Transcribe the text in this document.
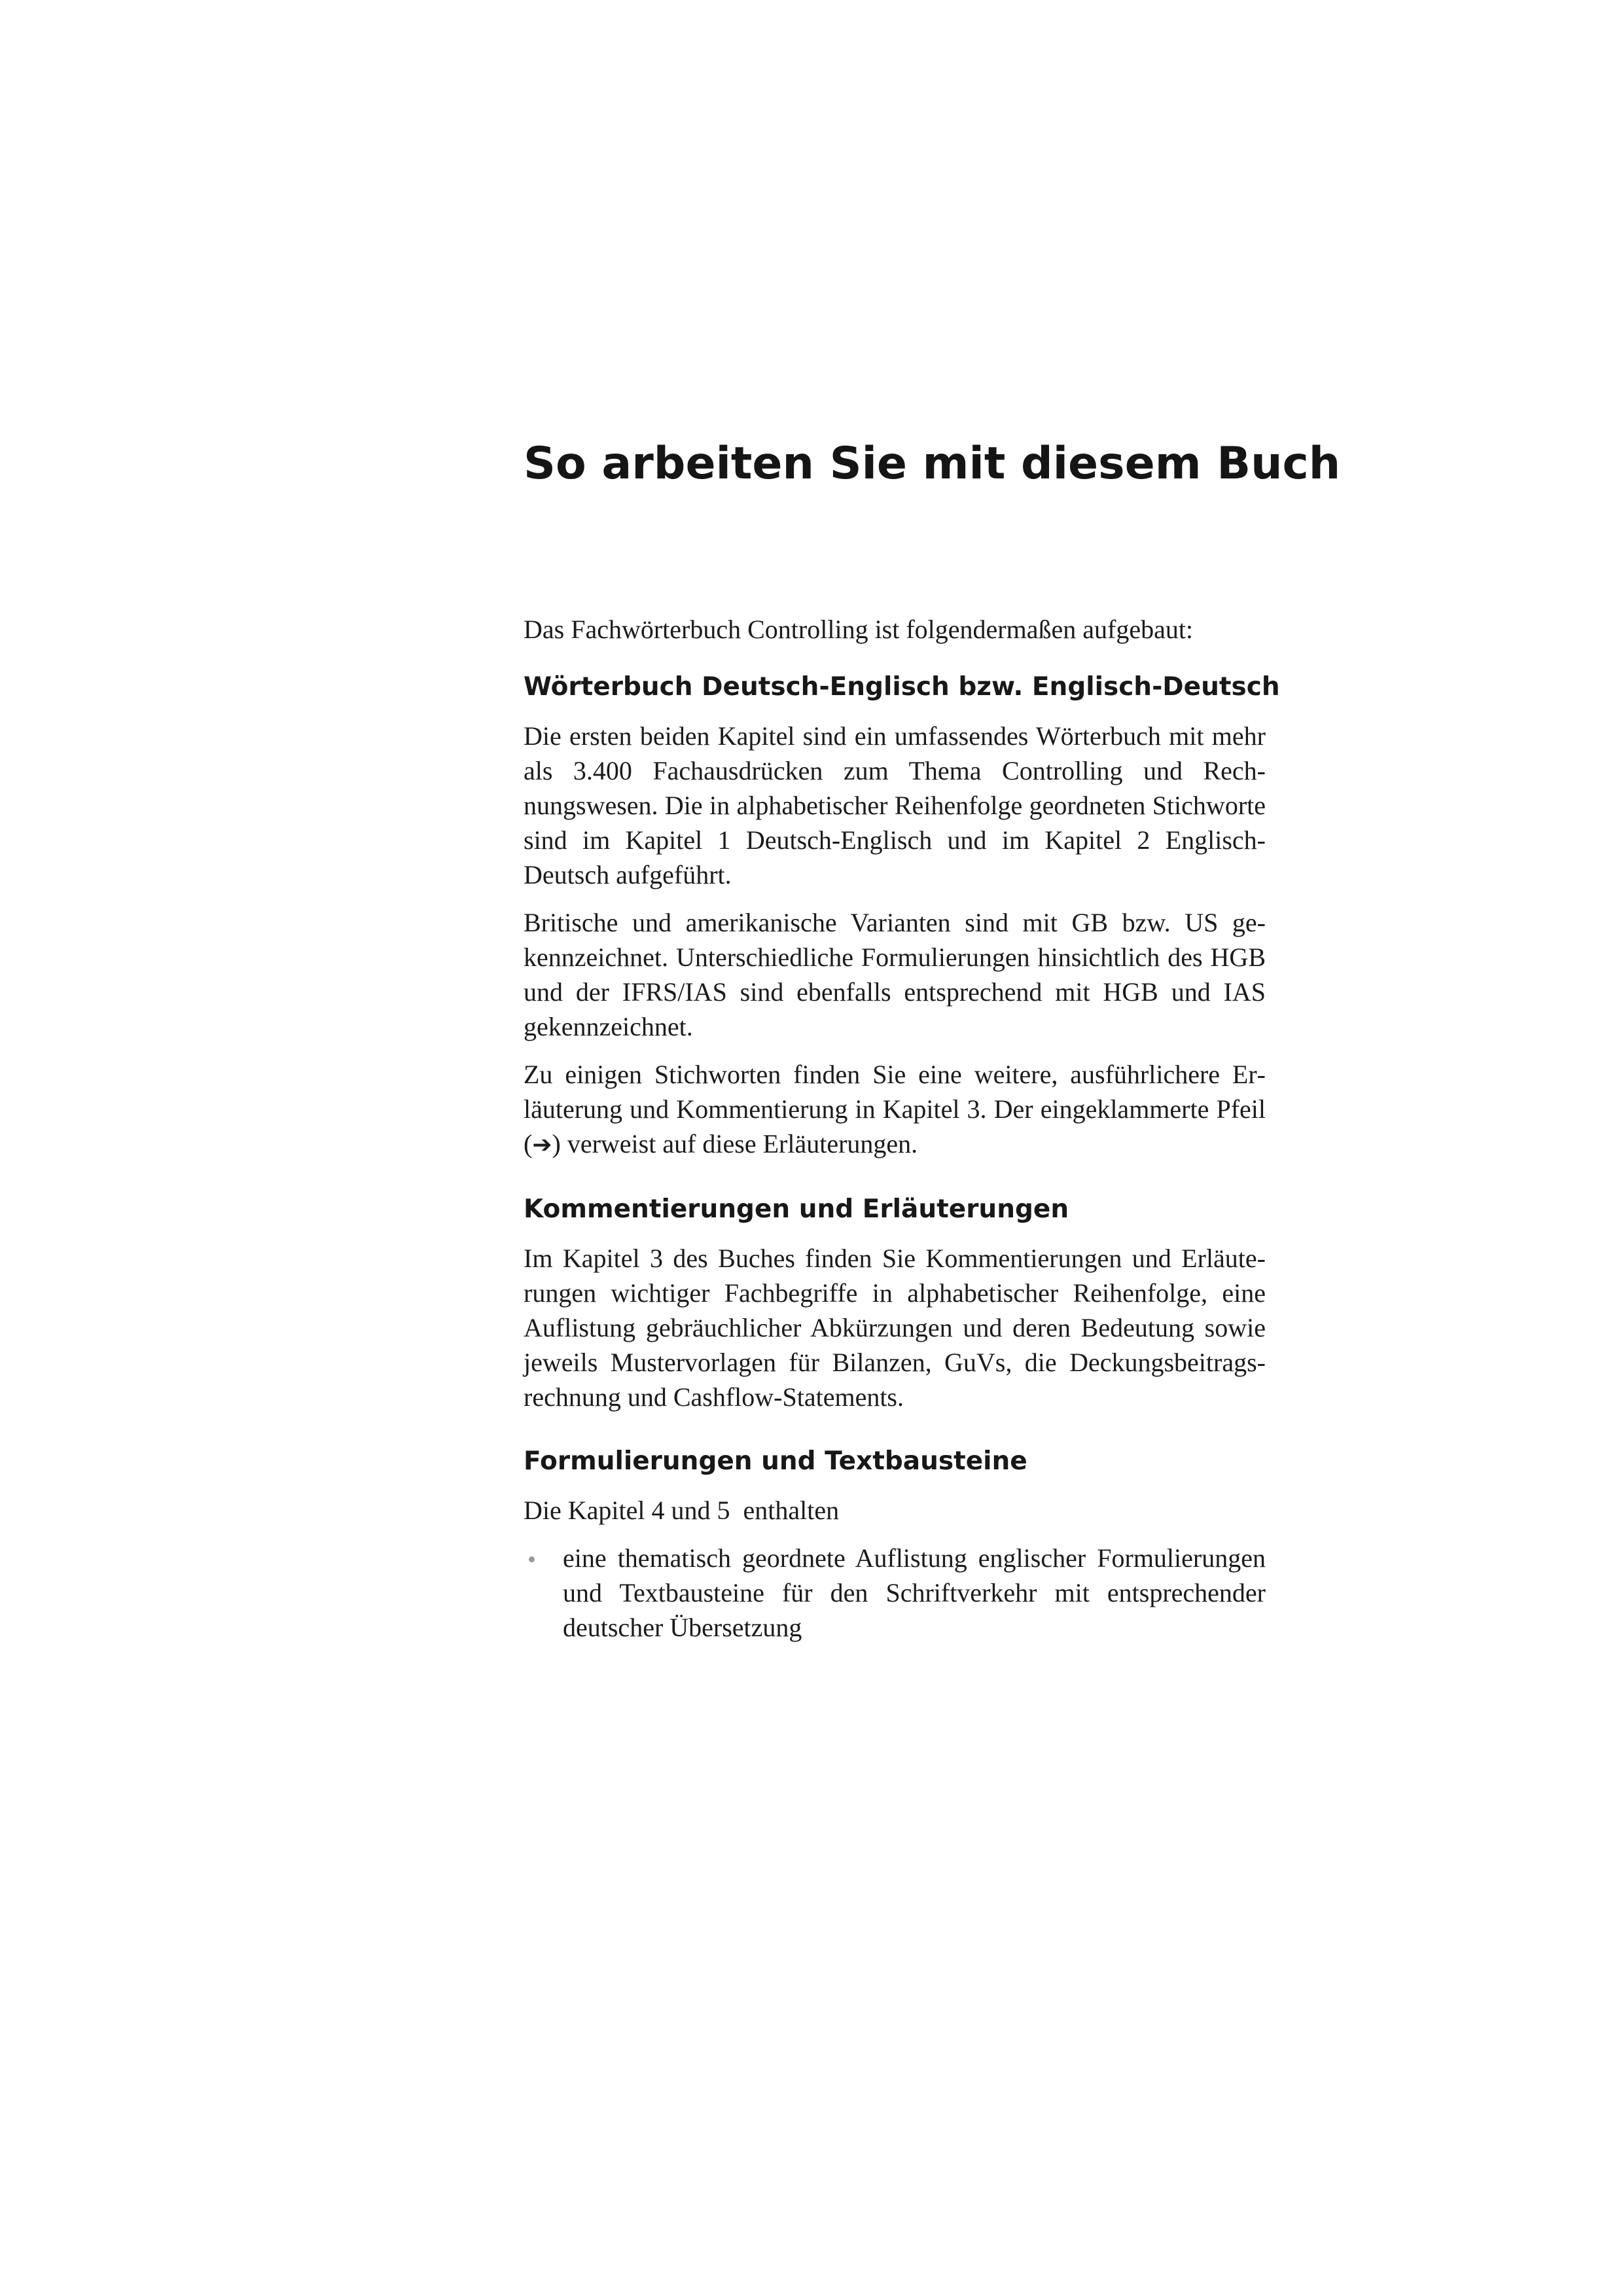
So arbeiten Sie mit diesem Buch

Das Fachwörterbuch Controlling ist folgendermaßen aufgebaut:

Wörterbuch Deutsch-Englisch bzw. Englisch-Deutsch

Die ersten beiden Kapitel sind ein umfassendes Wörterbuch mit mehr als 3.400 Fachausdrücken zum Thema Controlling und Rechnungswesen. Die in alphabetischer Reihenfolge geordneten Stichworte sind im Kapitel 1 Deutsch-Englisch und im Kapitel 2 Englisch-Deutsch aufgeführt.

Britische und amerikanische Varianten sind mit GB bzw. US gekennzeichnet. Unterschiedliche Formulierungen hinsichtlich des HGB und der IFRS/IAS sind ebenfalls entsprechend mit HGB und IAS gekennzeichnet.

Zu einigen Stichworten finden Sie eine weitere, ausführlichere Erläuterung und Kommentierung in Kapitel 3. Der eingeklammerte Pfeil (➔) verweist auf diese Erläuterungen.

Kommentierungen und Erläuterungen

Im Kapitel 3 des Buches finden Sie Kommentierungen und Erläuterungen wichtiger Fachbegriffe in alphabetischer Reihenfolge, eine Auflistung gebräuchlicher Abkürzungen und deren Bedeutung sowie jeweils Mustervorlagen für Bilanzen, GuVs, die Deckungsbeitragsrechnung und Cashflow-Statements.

Formulierungen und Textbausteine

Die Kapitel 4 und 5  enthalten

eine thematisch geordnete Auflistung englischer Formulierungen und Textbausteine für den Schriftverkehr mit entsprechender deutscher Übersetzung
